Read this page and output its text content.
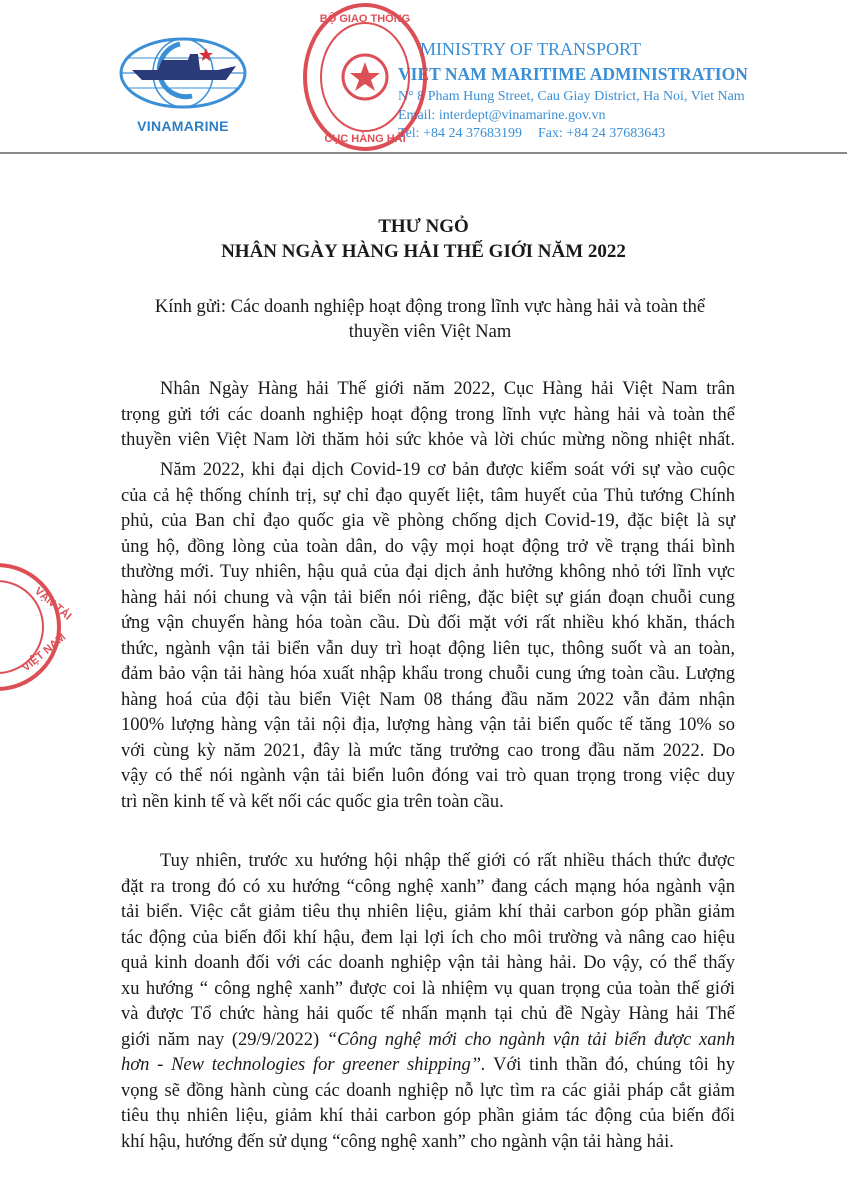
VINAMARINE
MINISTRY OF TRANSPORT
VIET NAM MARITIME ADMINISTRATION
N° 8 Pham Hung Street, Cau Giay District, Ha Noi, Viet Nam
Email: interdept@vinamarine.gov.vn
Tel: +84 24 37683199 Fax: +84 24 37683643
BỘ GIAO THÔNG
CỤC HÀNG HẢI
VẬN TẢI
VIỆT NAM
THƯ NGỎ
NHÂN NGÀY HÀNG HẢI THẾ GIỚI NĂM 2022
Kính gửi: Các doanh nghiệp hoạt động trong lĩnh vực hàng hải và toàn thể
thuyền viên Việt Nam
Nhân Ngày Hàng hải Thế giới năm 2022, Cục Hàng hải Việt Nam trân
trọng gửi tới các doanh nghiệp hoạt động trong lĩnh vực hàng hải và toàn thể
thuyền viên Việt Nam lời thăm hỏi sức khỏe và lời chúc mừng nồng nhiệt nhất.
Năm 2022, khi đại dịch Covid-19 cơ bản được kiểm soát với sự vào cuộc
của cả hệ thống chính trị, sự chỉ đạo quyết liệt, tâm huyết của Thủ tướng Chính
phủ, của Ban chỉ đạo quốc gia về phòng chống dịch Covid-19, đặc biệt là sự
ủng hộ, đồng lòng của toàn dân, do vậy mọi hoạt động trở về trạng thái bình
thường mới. Tuy nhiên, hậu quả của đại dịch ảnh hưởng không nhỏ tới lĩnh vực
hàng hải nói chung và vận tải biển nói riêng, đặc biệt sự gián đoạn chuỗi cung
ứng vận chuyển hàng hóa toàn cầu. Dù đối mặt với rất nhiều khó khăn, thách
thức, ngành vận tải biển vẫn duy trì hoạt động liên tục, thông suốt và an toàn,
đảm bảo vận tải hàng hóa xuất nhập khẩu trong chuỗi cung ứng toàn cầu. Lượng
hàng hoá của đội tàu biển Việt Nam 08 tháng đầu năm 2022 vẫn đảm nhận
100% lượng hàng vận tải nội địa, lượng hàng vận tải biển quốc tế tăng 10% so
với cùng kỳ năm 2021, đây là mức tăng trưởng cao trong đầu năm 2022. Do
vậy có thể nói ngành vận tải biển luôn đóng vai trò quan trọng trong việc duy
trì nền kinh tế và kết nối các quốc gia trên toàn cầu.
Tuy nhiên, trước xu hướng hội nhập thế giới có rất nhiều thách thức được
đặt ra trong đó có xu hướng “công nghệ xanh” đang cách mạng hóa ngành vận
tải biển. Việc cắt giảm tiêu thụ nhiên liệu, giảm khí thải carbon góp phần giảm
tác động của biến đổi khí hậu, đem lại lợi ích cho môi trường và nâng cao hiệu
quả kinh doanh đối với các doanh nghiệp vận tải hàng hải. Do vậy, có thể thấy
xu hướng “ công nghệ xanh” được coi là nhiệm vụ quan trọng của toàn thế giới
và được Tổ chức hàng hải quốc tế nhấn mạnh tại chủ đề Ngày Hàng hải Thế
giới năm nay (29/9/2022) “Công nghệ mới cho ngành vận tải biển được xanh
hơn - New technologies for greener shipping”. Với tinh thần đó, chúng tôi hy
vọng sẽ đồng hành cùng các doanh nghiệp nỗ lực tìm ra các giải pháp cắt giảm
tiêu thụ nhiên liệu, giảm khí thải carbon góp phần giảm tác động của biến đổi
khí hậu, hướng đến sử dụng “công nghệ xanh” cho ngành vận tải hàng hải.
